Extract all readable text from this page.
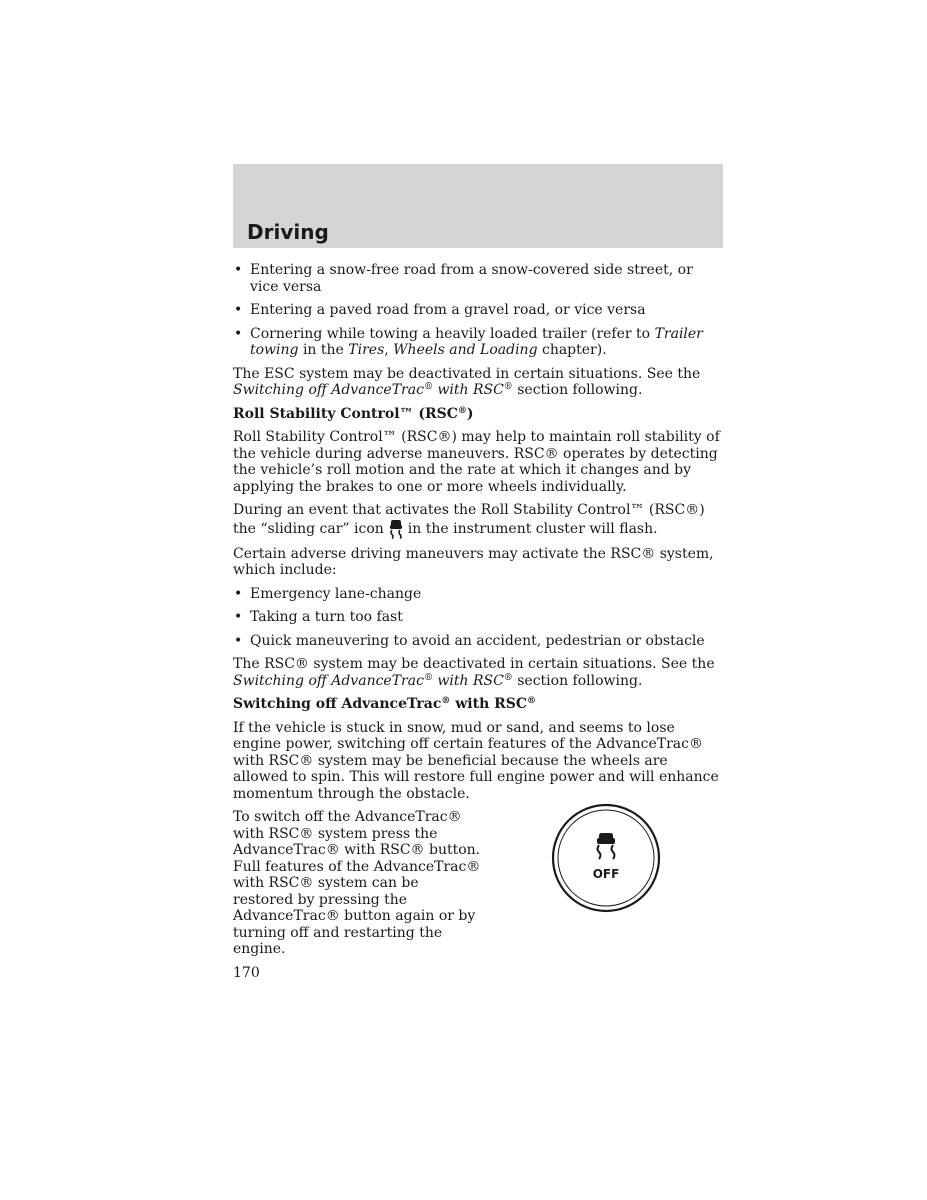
Driving
• Entering a snow-free road from a snow-covered side street, or vice versa
• Entering a paved road from a gravel road, or vice versa
• Cornering while towing a heavily loaded trailer (refer to Trailer towing in the Tires, Wheels and Loading chapter).

The ESC system may be deactivated in certain situations. See the Switching off AdvanceTrac® with RSC® section following.

Roll Stability Control™ (RSC®)

Roll Stability Control™ (RSC®) may help to maintain roll stability of the vehicle during adverse maneuvers. RSC® operates by detecting the vehicle’s roll motion and the rate at which it changes and by applying the brakes to one or more wheels individually.

During an event that activates the Roll Stability Control™ (RSC®) the “sliding car” icon in the instrument cluster will flash.

Certain adverse driving maneuvers may activate the RSC® system, which include:

• Emergency lane-change
• Taking a turn too fast
• Quick maneuvering to avoid an accident, pedestrian or obstacle

The RSC® system may be deactivated in certain situations. See the Switching off AdvanceTrac® with RSC® section following.

Switching off AdvanceTrac® with RSC®

If the vehicle is stuck in snow, mud or sand, and seems to lose engine power, switching off certain features of the AdvanceTrac® with RSC® system may be beneficial because the wheels are allowed to spin. This will restore full engine power and will enhance momentum through the obstacle.

To switch off the AdvanceTrac® with RSC® system press the AdvanceTrac® with RSC® button. Full features of the AdvanceTrac® with RSC® system can be restored by pressing the AdvanceTrac® button again or by turning off and restarting the engine.

OFF
170
